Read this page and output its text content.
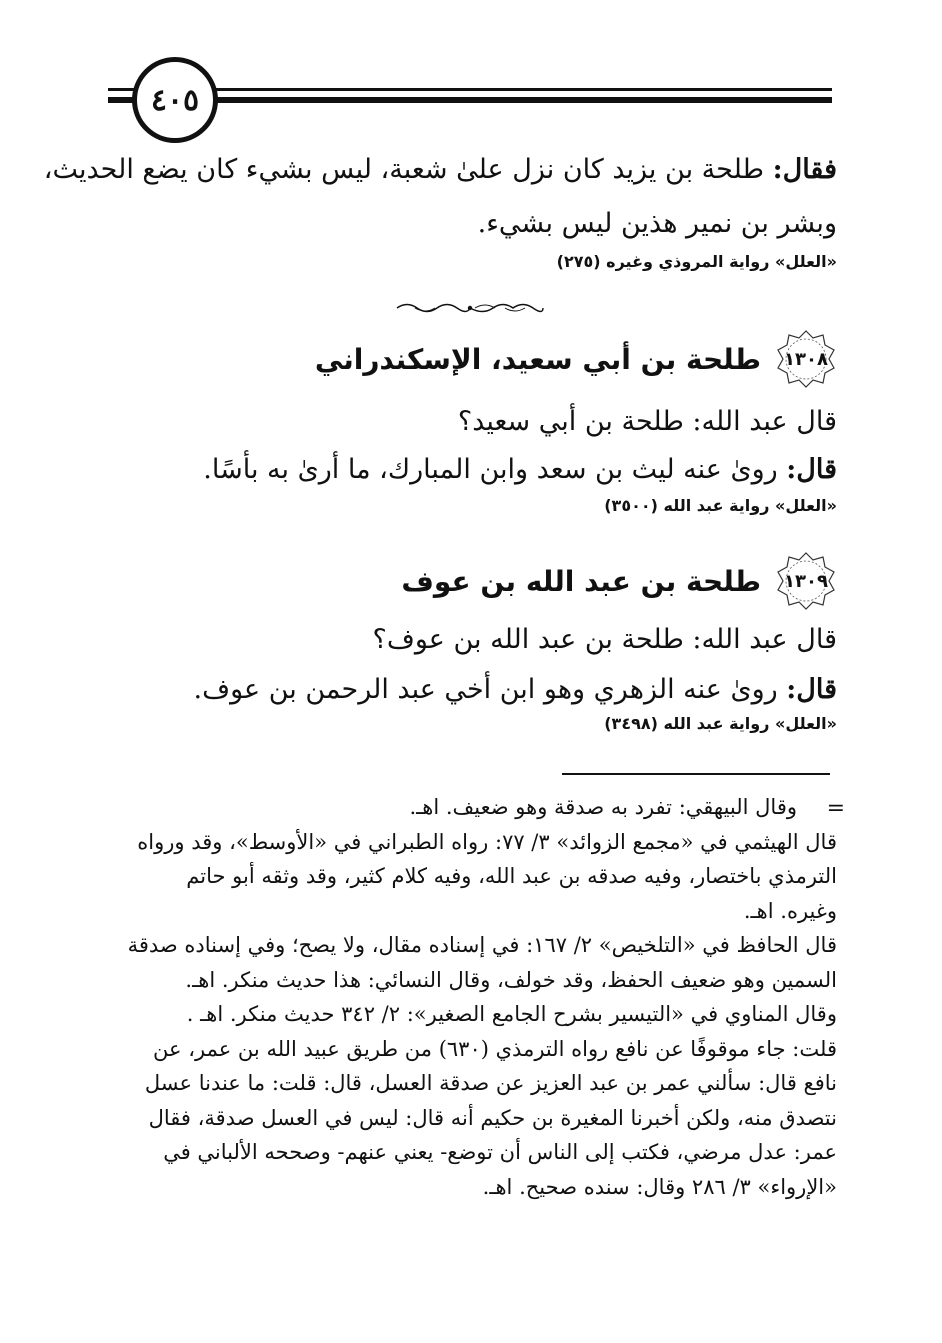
٤٠٥
فقال: طلحة بن يزيد كان نزل علىٰ شعبة، ليس بشيء كان يضع الحديث،
وبشر بن نمير هذين ليس بشيء.
«العلل» رواية المروذي وغيره (٢٧٥)
١٣٠٨
طلحة بن أبي سعيد، الإسكندراني
قال عبد الله: طلحة بن أبي سعيد؟
قال: رویٰ عنه ليث بن سعد وابن المبارك، ما أرىٰ به بأسًا.
«العلل» رواية عبد الله (٣٥٠٠)
١٣٠٩
طلحة بن عبد الله بن عوف
قال عبد الله: طلحة بن عبد الله بن عوف؟
قال: رویٰ عنه الزهري وهو ابن أخي عبد الرحمن بن عوف.
«العلل» رواية عبد الله (٣٤٩٨)
=
وقال البيهقي: تفرد به صدقة وهو ضعيف. اهـ.
قال الهيثمي في «مجمع الزوائد» ٣/ ٧٧: رواه الطبراني في «الأوسط»، وقد ورواه
الترمذي باختصار، وفيه صدقه بن عبد الله، وفيه كلام كثير، وقد وثقه أبو حاتم
وغيره. اهـ.
قال الحافظ في «التلخيص» ٢/ ١٦٧: في إسناده مقال، ولا يصح؛ وفي إسناده صدقة
السمين وهو ضعيف الحفظ، وقد خولف، وقال النسائي: هذا حديث منكر. اهـ.
وقال المناوي في «التيسير بشرح الجامع الصغير»: ٢/ ٣٤٢ حديث منكر. اهـ .
قلت: جاء موقوفًا عن نافع رواه الترمذي (٦٣٠) من طريق عبيد الله بن عمر، عن
نافع قال: سألني عمر بن عبد العزيز عن صدقة العسل، قال: قلت: ما عندنا عسل
نتصدق منه، ولكن أخبرنا المغيرة بن حكيم أنه قال: ليس في العسل صدقة، فقال
عمر: عدل مرضي، فكتب إلى الناس أن توضع- يعني عنهم- وصححه الألباني في
«الإرواء» ٣/ ٢٨٦ وقال: سنده صحيح. اهـ.
